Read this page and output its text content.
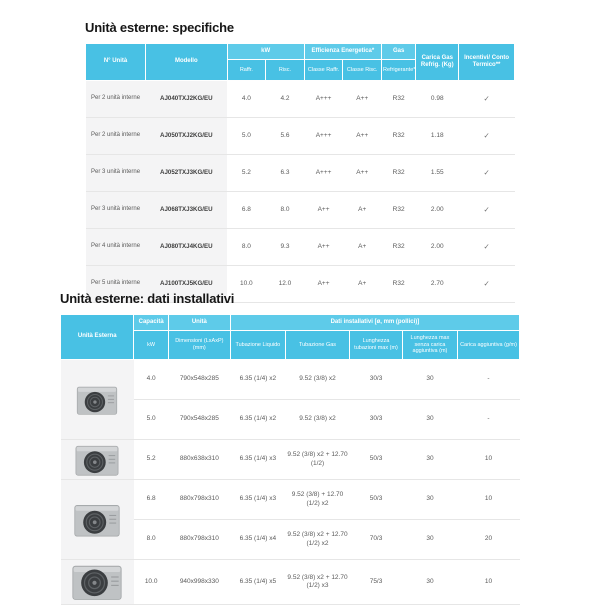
Unità esterne: specifiche
N° Unità	Modello	kW		Efficienza Energetica*		Gas	Carica Gas Refrig. (Kg)	Incentivi/ Conto Termico**
		Raffr.	Risc.	Classe Raffr.	Classe Risc.	Refrigerante*		
Per 2 unità interne	AJ040TXJ2KG/EU	4.0	4.2	A+++	A++	R32	0.98	✓
Per 2 unità interne	AJ050TXJ2KG/EU	5.0	5.6	A+++	A++	R32	1.18	✓
Per 3 unità interne	AJ052TXJ3KG/EU	5.2	6.3	A+++	A++	R32	1.55	✓
Per 3 unità interne	AJ068TXJ3KG/EU	6.8	8.0	A++	A+	R32	2.00	✓
Per 4 unità interne	AJ080TXJ4KG/EU	8.0	9.3	A++	A+	R32	2.00	✓
Per 5 unità interne	AJ100TXJ5KG/EU	10.0	12.0	A++	A+	R32	2.70	✓
Unità esterne: dati installativi
Unità Esterna	Capacità	Unità	Dati installativi [ø, mm (pollici)]				
	kW	Dimensioni (LxAxP) (mm)	Tubazione Liquido	Tubazione Gas	Lunghezza tubazioni max (m)	Lunghezza max senza carica aggiuntiva (m)	Carica aggiuntiva (g/m)

	4.0	790x548x285	6.35 (1/4) x2	9.52 (3/8) x2	30/3	30	-
	5.0	790x548x285	6.35 (1/4) x2	9.52 (3/8) x2	30/3	30	-

	5.2	880x638x310	6.35 (1/4) x3	9.52 (3/8) x2 + 12.70 (1/2)	50/3	30	10

	6.8	880x798x310	6.35 (1/4) x3	9.52 (3/8) + 12.70 (1/2) x2	50/3	30	10
	8.0	880x798x310	6.35 (1/4) x4	9.52 (3/8) x2 + 12.70 (1/2) x2	70/3	30	20

	10.0	940x998x330	6.35 (1/4) x5	9.52 (3/8) x2 + 12.70 (1/2) x3	75/3	30	10
